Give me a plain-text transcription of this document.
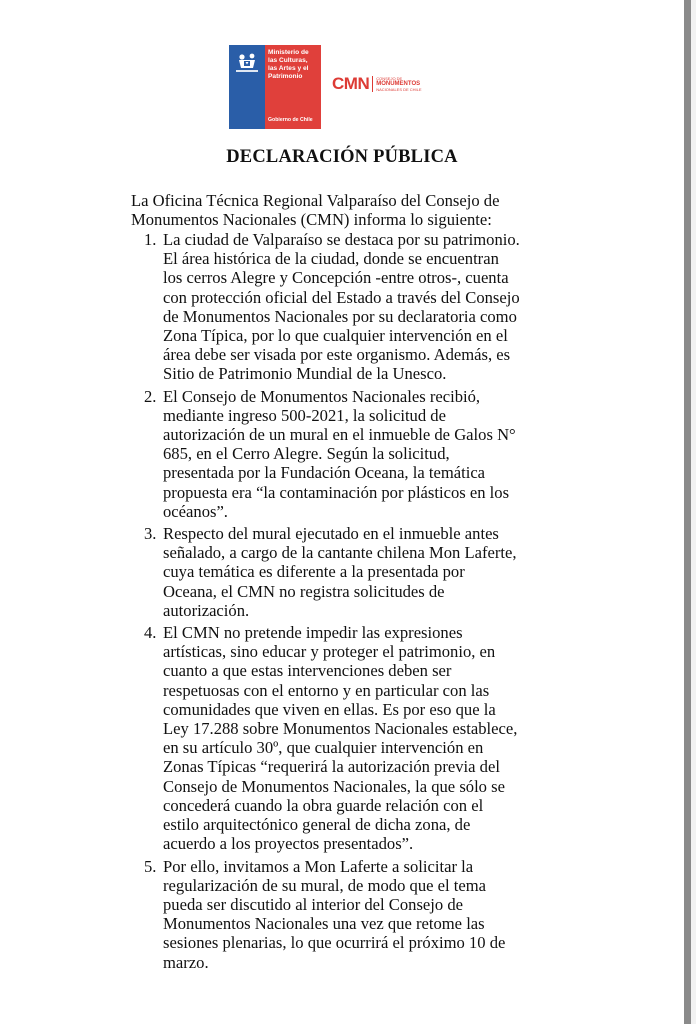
Ministerio de
las Culturas,
las Artes y el
Patrimonio
Gobierno de Chile
CMN CONSEJO DE
MONUMENTOS
NACIONALES DE CHILE
DECLARACIÓN PÚBLICA

La Oficina Técnica Regional Valparaíso del Consejo de Monumentos Nacionales (CMN) informa lo siguiente:

1. La ciudad de Valparaíso se destaca por su patrimonio.
El área histórica de la ciudad, donde se encuentran
los cerros Alegre y Concepción -entre otros-, cuenta
con protección oficial del Estado a través del Consejo
de Monumentos Nacionales por su declaratoria como
Zona Típica, por lo que cualquier intervención en el
área debe ser visada por este organismo. Además, es
Sitio de Patrimonio Mundial de la Unesco.
2. El Consejo de Monumentos Nacionales recibió,
mediante ingreso 500-2021, la solicitud de
autorización de un mural en el inmueble de Galos N°
685, en el Cerro Alegre. Según la solicitud,
presentada por la Fundación Oceana, la temática
propuesta era “la contaminación por plásticos en los
océanos”.
3. Respecto del mural ejecutado en el inmueble antes
señalado, a cargo de la cantante chilena Mon Laferte,
cuya temática es diferente a la presentada por
Oceana, el CMN no registra solicitudes de
autorización.
4. El CMN no pretende impedir las expresiones
artísticas, sino educar y proteger el patrimonio, en
cuanto a que estas intervenciones deben ser
respetuosas con el entorno y en particular con las
comunidades que viven en ellas. Es por eso que la
Ley 17.288 sobre Monumentos Nacionales establece,
en su artículo 30º, que cualquier intervención en
Zonas Típicas “requerirá la autorización previa del
Consejo de Monumentos Nacionales, la que sólo se
concederá cuando la obra guarde relación con el
estilo arquitectónico general de dicha zona, de
acuerdo a los proyectos presentados”.
5. Por ello, invitamos a Mon Laferte a solicitar la
regularización de su mural, de modo que el tema
pueda ser discutido al interior del Consejo de
Monumentos Nacionales una vez que retome las
sesiones plenarias, lo que ocurrirá el próximo 10 de
marzo.
